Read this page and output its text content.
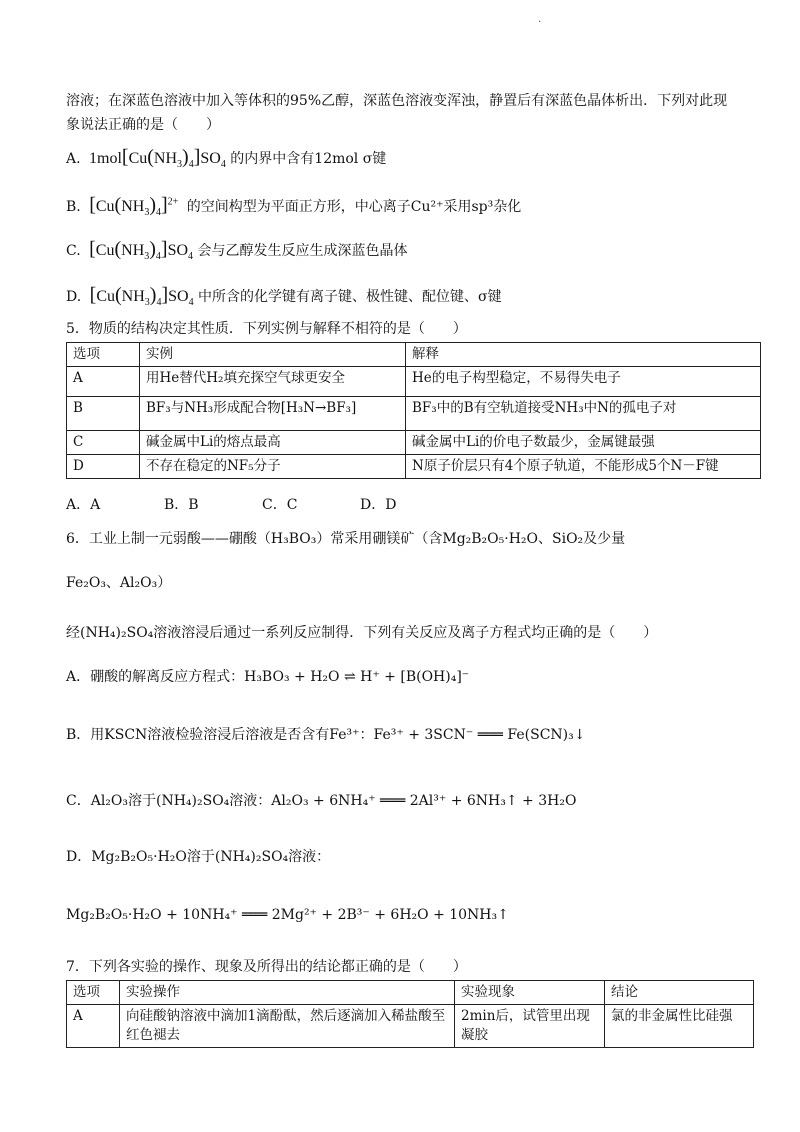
.
溶液；在深蓝色溶液中加入等体积的95%乙醇，深蓝色溶液变浑浊，静置后有深蓝色晶体析出．下列对此现
象说法正确的是（　　）
A.  $1mol[Cu(NH_3)_4]SO_4$ 的内界中含有12mol σ键
B. $[Cu(NH_3)_4]^{2+}$ 的空间构型为平面正方形，中心离子Cu²⁺采用sp³杂化
C. $[Cu(NH_3)_4]SO_4$ 会与乙醇发生反应生成深蓝色晶体
D. $[Cu(NH_3)_4]SO_4$ 中所含的化学键有离子键、极性键、配位键、σ键
5．物质的结构决定其性质．下列实例与解释不相符的是（　　）
选项	实例	解释
A	用He替代H₂填充探空气球更安全	He的电子构型稳定，不易得失电子
B	BF₃与NH₃形成配合物[H₃N→BF₃]	BF₃中的B有空轨道接受NH₃中N的孤电子对
C	碱金属中Li的熔点最高	碱金属中Li的价电子数最少，金属键最强
D	不存在稳定的NF₅分子	N原子价层只有4个原子轨道，不能形成5个N－F键
A．A	B．B	C．C	D．D
6．工业上制一元弱酸——硼酸（H₃BO₃）常采用硼镁矿（含Mg₂B₂O₅·H₂O、SiO₂及少量
Fe₂O₃、Al₂O₃）
经(NH₄)₂SO₄溶液溶浸后通过一系列反应制得．下列有关反应及离子方程式均正确的是（　　）
A．硼酸的解离反应方程式：H₃BO₃ + H₂O ⇌ H⁺ + [B(OH)₄]⁻
B．用KSCN溶液检验溶浸后溶液是否含有Fe³⁺：Fe³⁺ + 3SCN⁻ ═══ Fe(SCN)₃↓
C．Al₂O₃溶于(NH₄)₂SO₄溶液：Al₂O₃ + 6NH₄⁺ ═══ 2Al³⁺ + 6NH₃↑ + 3H₂O
D．Mg₂B₂O₅·H₂O溶于(NH₄)₂SO₄溶液：
Mg₂B₂O₅·H₂O + 10NH₄⁺ ═══ 2Mg²⁺ + 2B³⁻ + 6H₂O + 10NH₃↑
7．下列各实验的操作、现象及所得出的结论都正确的是（　　）
选项	实验操作	实验现象	结论
A	向硅酸钠溶液中滴加1滴酚酞，然后逐滴加入稀盐酸至红色褪去	2min后，试管里出现凝胶	氯的非金属性比硅强
